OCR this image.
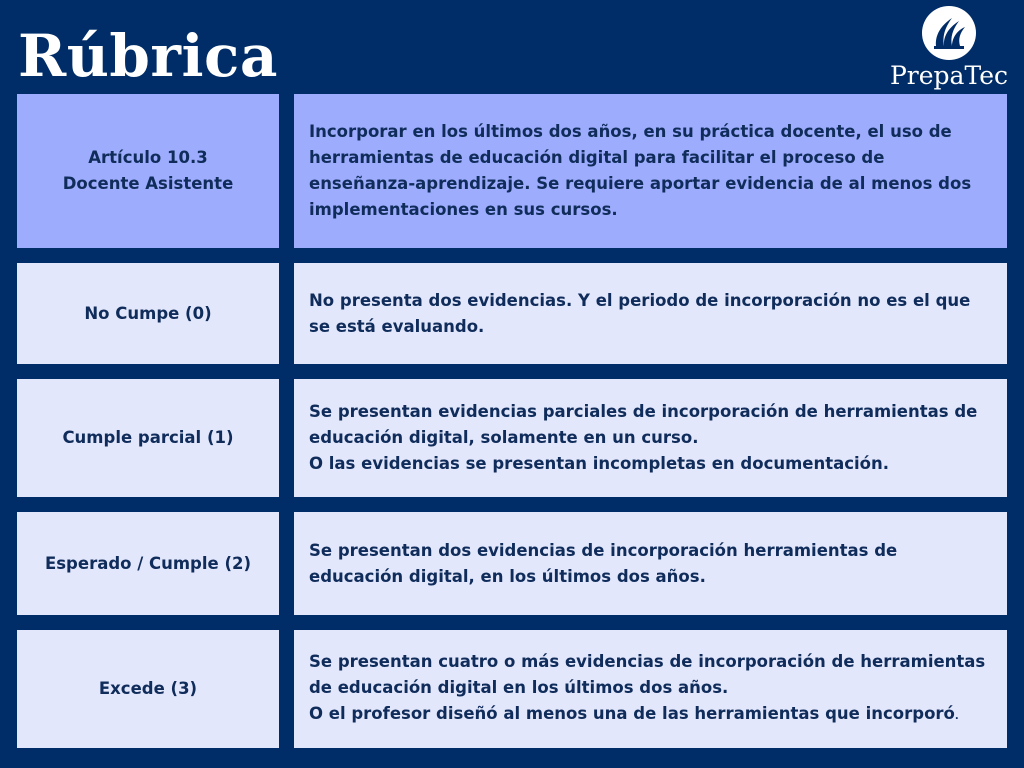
Rúbrica	PrepaTec
Artículo 10.3
Docente Asistente
Incorporar en los últimos dos años, en su práctica docente, el uso de herramientas de educación digital para facilitar el proceso de enseñanza-aprendizaje. Se requiere aportar evidencia de al menos dos implementaciones en sus cursos.
No Cumpe (0)
No presenta dos evidencias. Y el periodo de incorporación no es el que se está evaluando.
Cumple parcial (1)
Se presentan evidencias parciales de incorporación de herramientas de educación digital, solamente en un curso.
O las evidencias se presentan incompletas en documentación.
Esperado / Cumple (2)
Se presentan dos evidencias de incorporación herramientas de educación digital, en los últimos dos años.
Excede (3)
Se presentan cuatro o más evidencias de incorporación de herramientas de educación digital en los últimos dos años.
O el profesor diseñó al menos una de las herramientas que incorporó.
